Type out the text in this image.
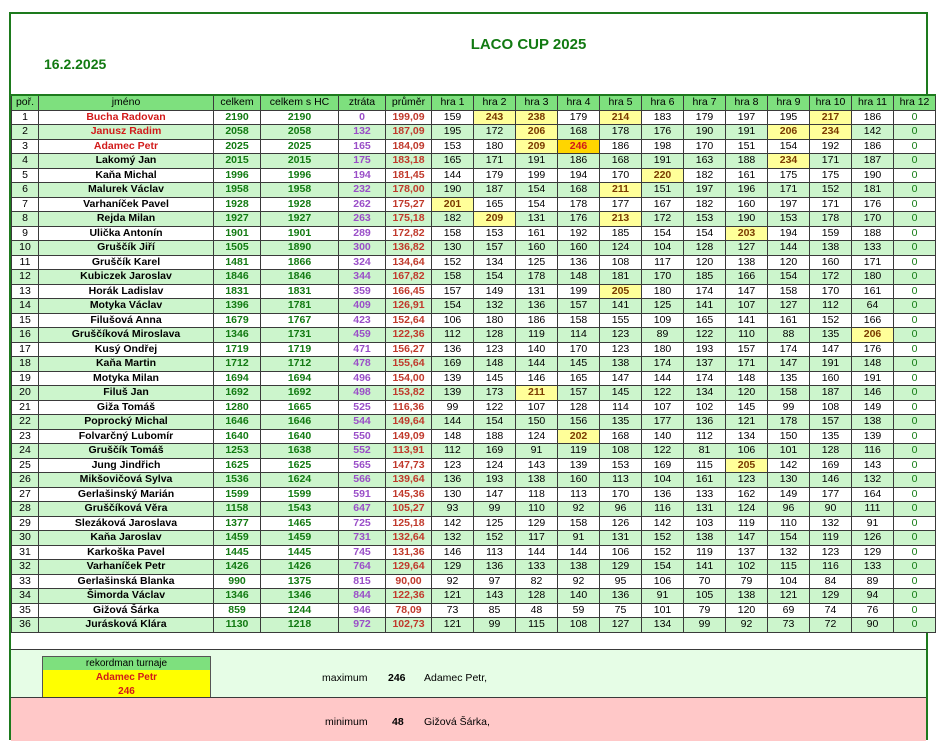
LACO CUP 2025
16.2.2025
poř.	jméno	celkem	celkem s HC	ztráta	průměr	hra 1	hra 2	hra 3	hra 4	hra 5	hra 6	hra 7	hra 8	hra 9	hra 10	hra 11	hra 12
1	Bucha Radovan	2190	2190	0	199,09	159	243	238	179	214	183	179	197	195	217	186	0
2	Janusz Radim	2058	2058	132	187,09	195	172	206	168	178	176	190	191	206	234	142	0
3	Adamec Petr	2025	2025	165	184,09	153	180	209	246	186	198	170	151	154	192	186	0
4	Lakomý Jan	2015	2015	175	183,18	165	171	191	186	168	191	163	188	234	171	187	0
5	Kaňa Michal	1996	1996	194	181,45	144	179	199	194	170	220	182	161	175	175	190	0
6	Malurek Václav	1958	1958	232	178,00	190	187	154	168	211	151	197	196	171	152	181	0
7	Varhaníček Pavel	1928	1928	262	175,27	201	165	154	178	177	167	182	160	197	171	176	0
8	Rejda Milan	1927	1927	263	175,18	182	209	131	176	213	172	153	190	153	178	170	0
9	Ulička Antonín	1901	1901	289	172,82	158	153	161	192	185	154	154	203	194	159	188	0
10	Gruščík Jiří	1505	1890	300	136,82	130	157	160	160	124	104	128	127	144	138	133	0
11	Gruščík Karel	1481	1866	324	134,64	152	134	125	136	108	117	120	138	120	160	171	0
12	Kubiczek Jaroslav	1846	1846	344	167,82	158	154	178	148	181	170	185	166	154	172	180	0
13	Horák Ladislav	1831	1831	359	166,45	157	149	131	199	205	180	174	147	158	170	161	0
14	Motyka Václav	1396	1781	409	126,91	154	132	136	157	141	125	141	107	127	112	64	0
15	Filušová Anna	1679	1767	423	152,64	106	180	186	158	155	109	165	141	161	152	166	0
16	Gruščíková Miroslava	1346	1731	459	122,36	112	128	119	114	123	89	122	110	88	135	206	0
17	Kusý Ondřej	1719	1719	471	156,27	136	123	140	170	123	180	193	157	174	147	176	0
18	Kaňa Martin	1712	1712	478	155,64	169	148	144	145	138	174	137	171	147	191	148	0
19	Motyka Milan	1694	1694	496	154,00	139	145	146	165	147	144	174	148	135	160	191	0
20	Filuš Jan	1692	1692	498	153,82	139	173	211	157	145	122	134	120	158	187	146	0
21	Giža Tomáš	1280	1665	525	116,36	99	122	107	128	114	107	102	145	99	108	149	0
22	Poprocký Michal	1646	1646	544	149,64	144	154	150	156	135	177	136	121	178	157	138	0
23	Folvarčný Lubomír	1640	1640	550	149,09	148	188	124	202	168	140	112	134	150	135	139	0
24	Gruščík Tomáš	1253	1638	552	113,91	112	169	91	119	108	122	81	106	101	128	116	0
25	Jung Jindřich	1625	1625	565	147,73	123	124	143	139	153	169	115	205	142	169	143	0
26	Mikšovičová Sylva	1536	1624	566	139,64	136	193	138	160	113	104	161	123	130	146	132	0
27	Gerlašinský Marián	1599	1599	591	145,36	130	147	118	113	170	136	133	162	149	177	164	0
28	Gruščíková Věra	1158	1543	647	105,27	93	99	110	92	96	116	131	124	96	90	111	0
29	Slezáková Jaroslava	1377	1465	725	125,18	142	125	129	158	126	142	103	119	110	132	91	0
30	Kaňa Jaroslav	1459	1459	731	132,64	132	152	117	91	131	152	138	147	154	119	126	0
31	Karkoška Pavel	1445	1445	745	131,36	146	113	144	144	106	152	119	137	132	123	129	0
32	Varhaníček Petr	1426	1426	764	129,64	129	136	133	138	129	154	141	102	115	116	133	0
33	Gerlašinská Blanka	990	1375	815	90,00	92	97	82	92	95	106	70	79	104	84	89	0
34	Šimorda Václav	1346	1346	844	122,36	121	143	128	140	136	91	105	138	121	129	94	0
35	Gižová Šárka	859	1244	946	78,09	73	85	48	59	75	101	79	120	69	74	76	0
36	Jurásková Klára	1130	1218	972	102,73	121	99	115	108	127	134	99	92	73	72	90	0
rekordman turnaje
Adamec Petr
246
maximum 246 Adamec Petr,
minimum 48 Gižová Šárka,
